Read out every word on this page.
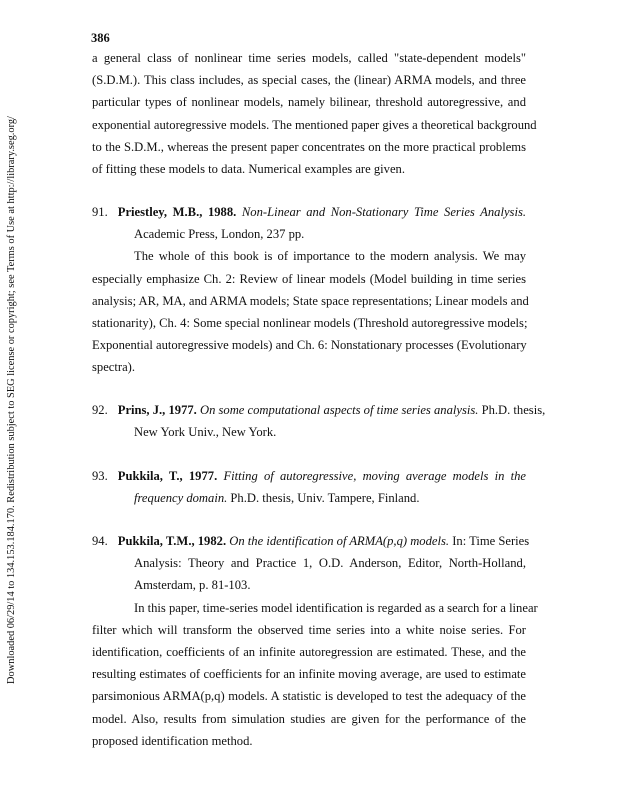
Downloaded 06/29/14 to 134.153.184.170. Redistribution subject to SEG license or copyright; see Terms of Use at http://library.seg.org/
386
a general class of nonlinear time series models, called "state-dependent models"
(S.D.M.). This class includes, as special cases, the (linear) ARMA models, and three
particular types of nonlinear models, namely bilinear, threshold autoregressive, and
exponential autoregressive models. The mentioned paper gives a theoretical background
to the S.D.M., whereas the present paper concentrates on the more practical problems
of fitting these models to data. Numerical examples are given.
91. Priestley, M.B., 1988. Non-Linear and Non-Stationary Time Series Analysis.
Academic Press, London, 237 pp.
The whole of this book is of importance to the modern analysis. We may
especially emphasize Ch. 2: Review of linear models (Model building in time series
analysis; AR, MA, and ARMA models; State space representations; Linear models and
stationarity), Ch. 4: Some special nonlinear models (Threshold autoregressive models;
Exponential autoregressive models) and Ch. 6: Nonstationary processes (Evolutionary
spectra).
92. Prins, J., 1977. On some computational aspects of time series analysis. Ph.D. thesis,
New York Univ., New York.
93. Pukkila, T., 1977. Fitting of autoregressive, moving average models in the
frequency domain. Ph.D. thesis, Univ. Tampere, Finland.
94. Pukkila, T.M., 1982. On the identification of ARMA(p,q) models. In: Time Series
Analysis: Theory and Practice 1, O.D. Anderson, Editor, North-Holland,
Amsterdam, p. 81-103.
In this paper, time-series model identification is regarded as a search for a linear
filter which will transform the observed time series into a white noise series. For
identification, coefficients of an infinite autoregression are estimated. These, and the
resulting estimates of coefficients for an infinite moving average, are used to estimate
parsimonious ARMA(p,q) models. A statistic is developed to test the adequacy of the
model. Also, results from simulation studies are given for the performance of the
proposed identification method.
